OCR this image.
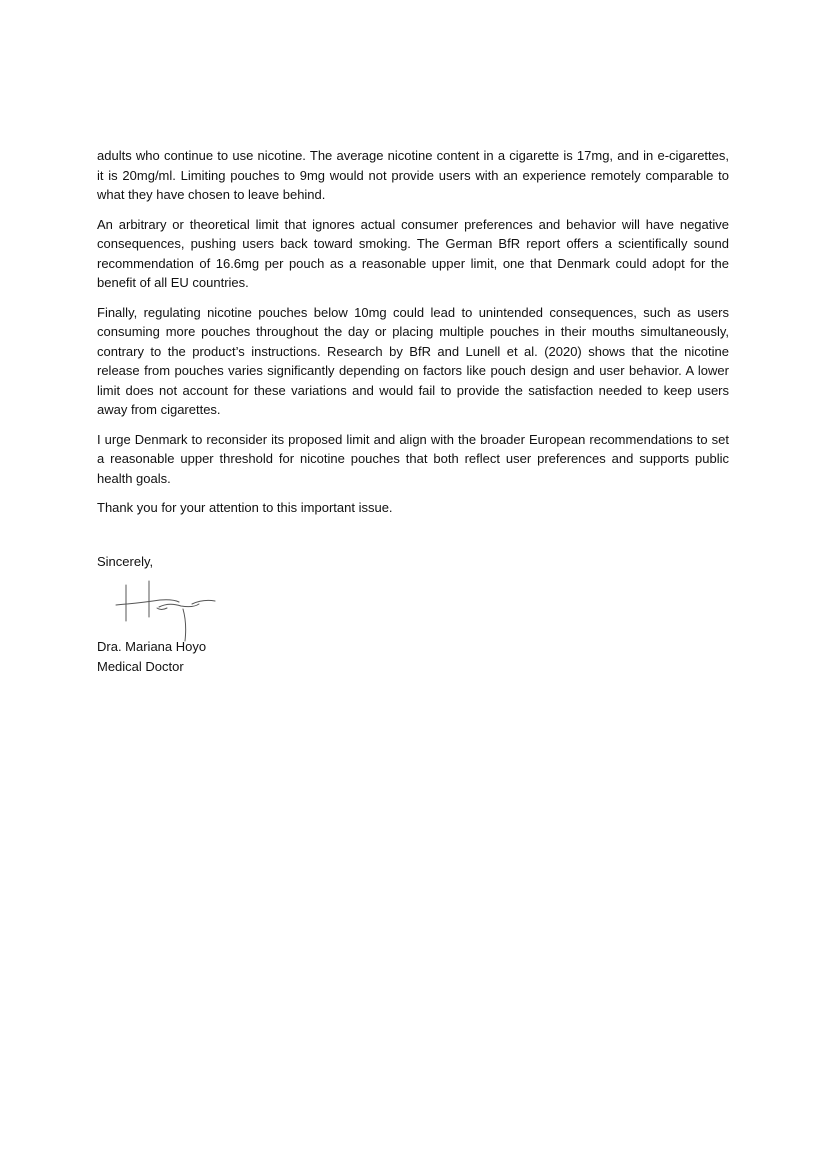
adults who continue to use nicotine. The average nicotine content in a cigarette is 17mg, and in e-cigarettes, it is 20mg/ml. Limiting pouches to 9mg would not provide users with an experience remotely comparable to what they have chosen to leave behind.

An arbitrary or theoretical limit that ignores actual consumer preferences and behavior will have negative consequences, pushing users back toward smoking. The German BfR report offers a scientifically sound recommendation of 16.6mg per pouch as a reasonable upper limit, one that Denmark could adopt for the benefit of all EU countries.

Finally, regulating nicotine pouches below 10mg could lead to unintended consequences, such as users consuming more pouches throughout the day or placing multiple pouches in their mouths simultaneously, contrary to the product’s instructions. Research by BfR and Lunell et al. (2020) shows that the nicotine release from pouches varies significantly depending on factors like pouch design and user behavior. A lower limit does not account for these variations and would fail to provide the satisfaction needed to keep users away from cigarettes.

I urge Denmark to reconsider its proposed limit and align with the broader European recommendations to set a reasonable upper threshold for nicotine pouches that both reflect user preferences and supports public health goals.

Thank you for your attention to this important issue.

Sincerely,

Dra. Mariana Hoyo

Medical Doctor
